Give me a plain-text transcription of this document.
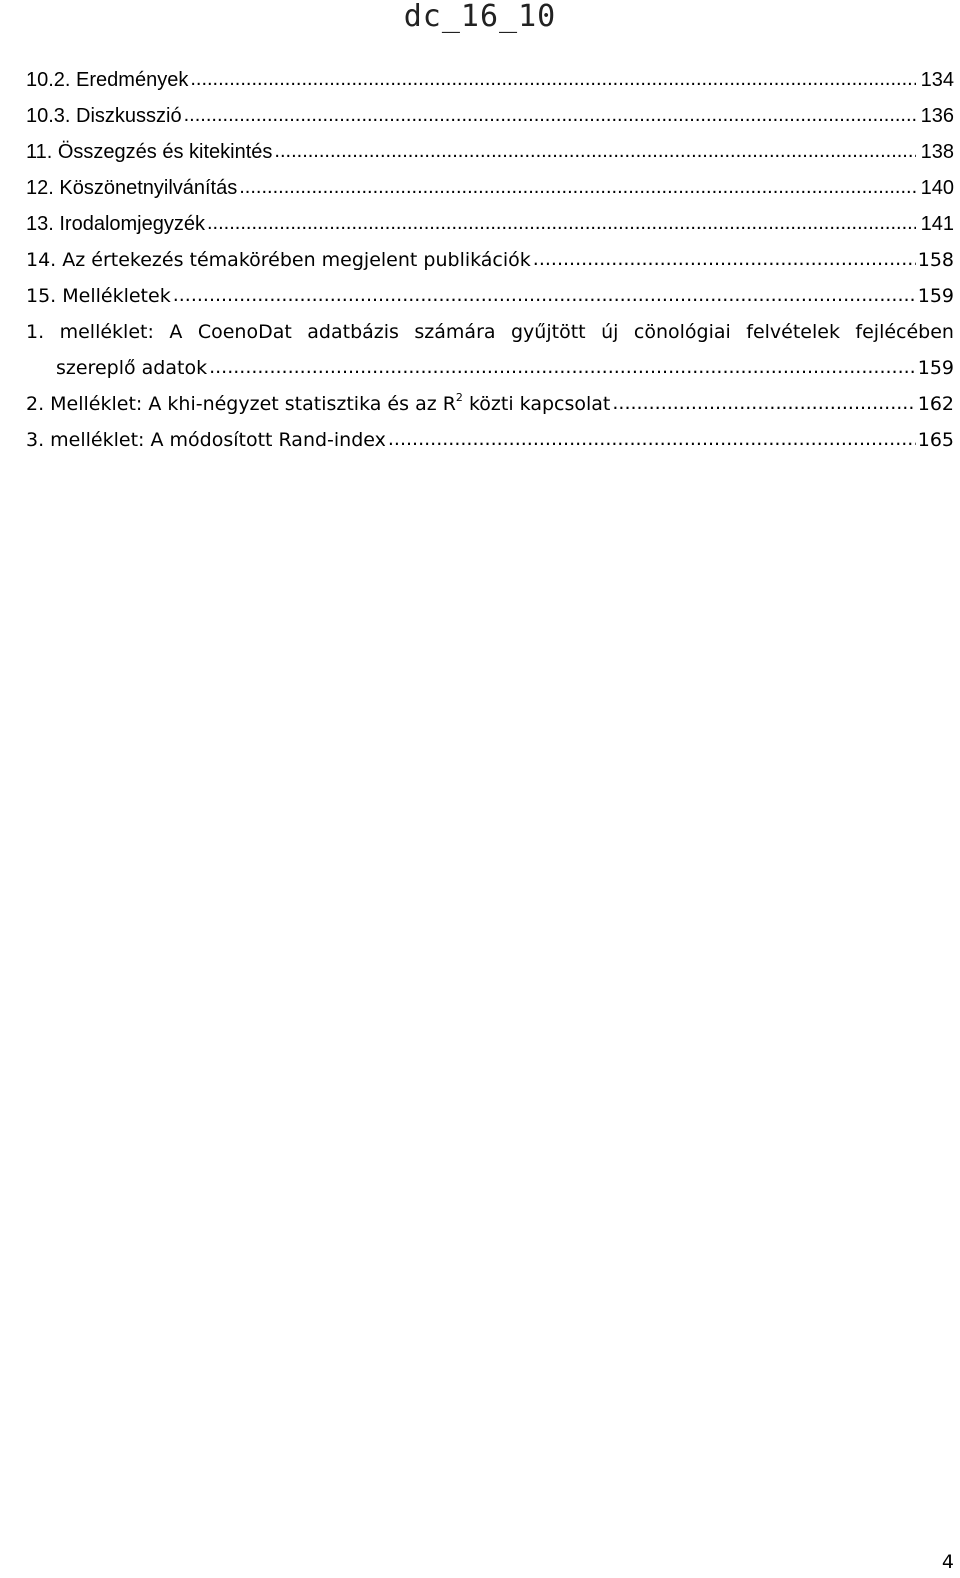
dc_16_10
10.2. Eredmények .....	134
10.3. Diszkusszió .....	136
11. Összegzés és kitekintés .....	138
12. Köszönetnyilvánítás .....	140
13. Irodalomjegyzék .....	141
14. Az értekezés témakörében megjelent publikációk .....	158
15. Mellékletek .....	159
1. melléklet: A CoenoDat adatbázis számára gyűjtött új cönológiai felvételek fejlécében
szereplő adatok .....	159
2. Melléklet: A khi-négyzet statisztika és az $R^2$ közti kapcsolat .....	162
3. melléklet: A módosított Rand-index .....	165
4
